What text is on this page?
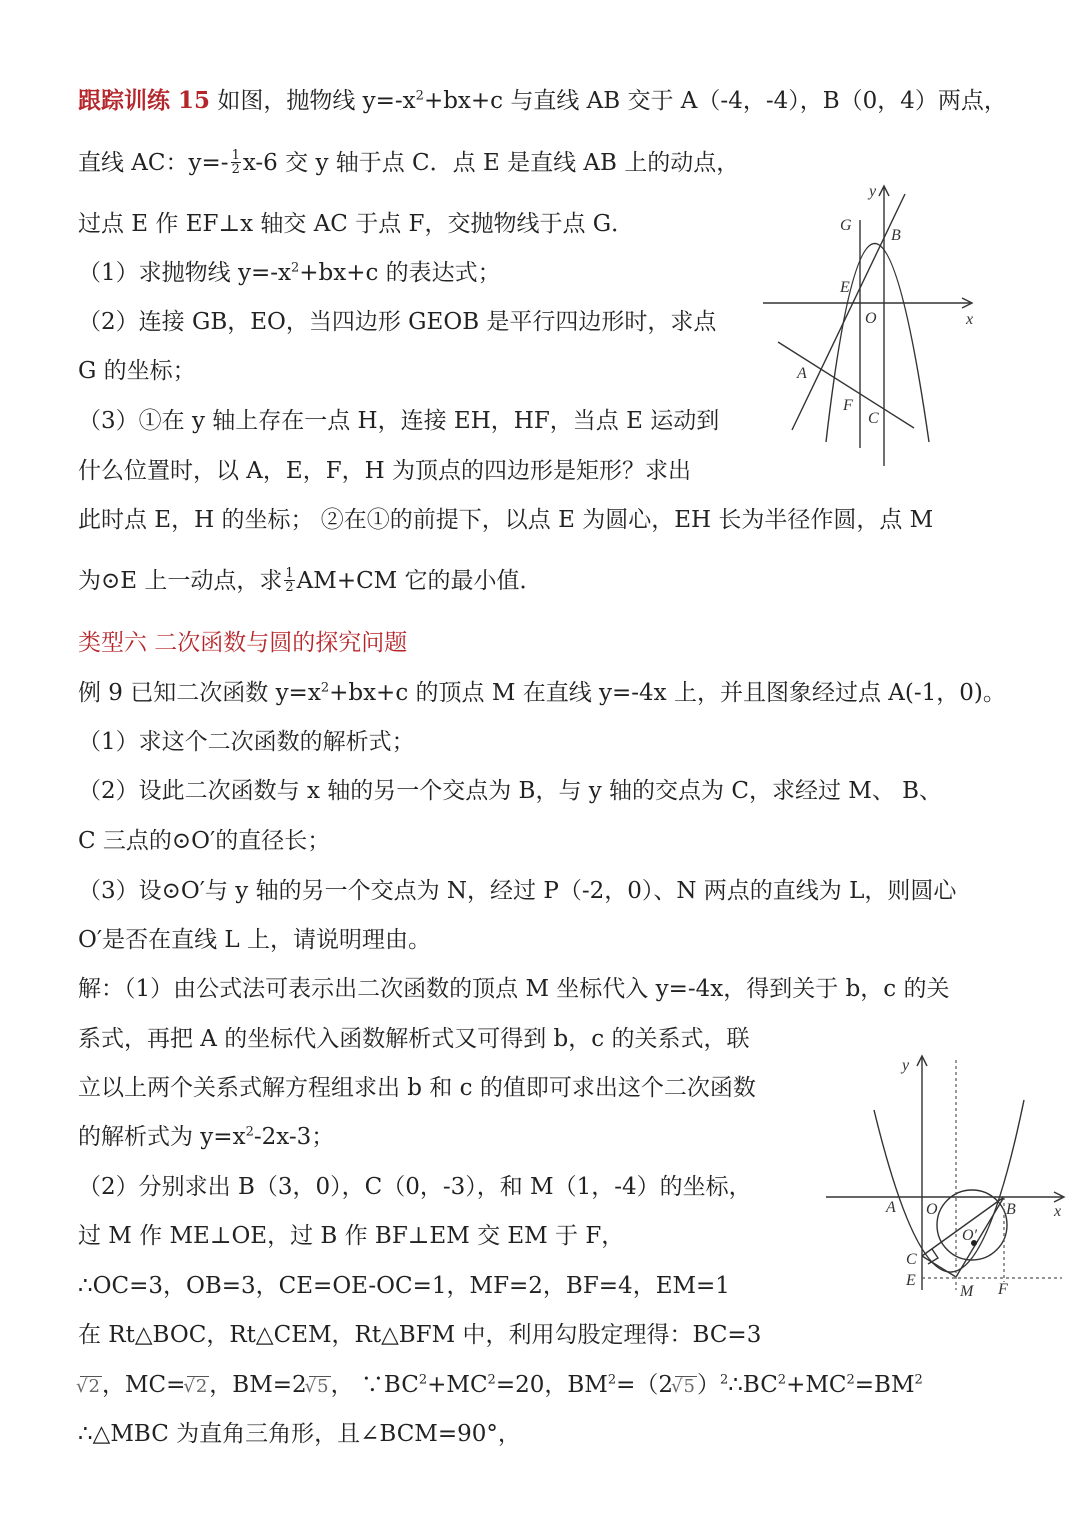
跟踪训练 15 如图，抛物线 $y=-x^2+bx+c$ 与直线 AB 交于 A（-4，-4），B（0，4）两点，
直线 AC：$y=- \frac{1}{2} x-6$ 交 y 轴于点 C．点 E 是直线 AB 上的动点，
过点 E 作 EF⊥x 轴交 AC 于点 F，交抛物线于点 G．
（1）求抛物线 $y=-x^2+bx+c$ 的表达式；
（2）连接 GB，EO，当四边形 GEOB 是平行四边形时，求点
G 的坐标；
（3）①在 y 轴上存在一点 H，连接 EH，HF，当点 E 运动到
什么位置时，以 A，E，F，H 为顶点的四边形是矩形？求出
此时点 E，H 的坐标； ②在①的前提下，以点 E 为圆心，EH 长为半径作圆，点 M
为⊙E 上一动点，求 $\frac{1}{2} AM+CM$ 它的最小值．
y
x
G
B
E
O
A
F
C
类型六 二次函数与圆的探究问题
例 9 已知二次函数 $y=x^2+bx+c$ 的顶点 M 在直线 y=-4x 上，并且图象经过点 A(-1，0)。
（1）求这个二次函数的解析式；
（2）设此二次函数与 x 轴的另一个交点为 B，与 y 轴的交点为 C，求经过 M、 B、
C 三点的⊙O′的直径长；
（3）设⊙O′与 y 轴的另一个交点为 N，经过 P（-2，0）、N 两点的直线为 L，则圆心
O′是否在直线 L 上，请说明理由。
解：（1）由公式法可表示出二次函数的顶点 M 坐标代入 y=-4x，得到关于 b，c 的关
系式，再把 A 的坐标代入函数解析式又可得到 b，c 的关系式，联
立以上两个关系式解方程组求出 b 和 c 的值即可求出这个二次函数
的解析式为 $y=x^2-2x-3$；
（2）分别求出 B（3，0），C（0，-3），和 M（1，-4）的坐标，
过 M 作 ME⊥OE，过 B 作 BF⊥EM 交 EM 于 F，
∴OC=3，OB=3，CE=OE-OC=1，MF=2，BF=4，EM=1
在 Rt△BOC，Rt△CEM，Rt△BFM 中，利用勾股定理得：BC=3
√ 2，MC=√ 2，BM=2√ 5， $\because BC^2+MC^2=20$，$BM^2=(2√$ $5)^2\therefore BC^2+MC^2=BM^2$
∴△MBC 为直角三角形，且∠BCM=90°，
y
x
A O	B
O′
C
E
M F
